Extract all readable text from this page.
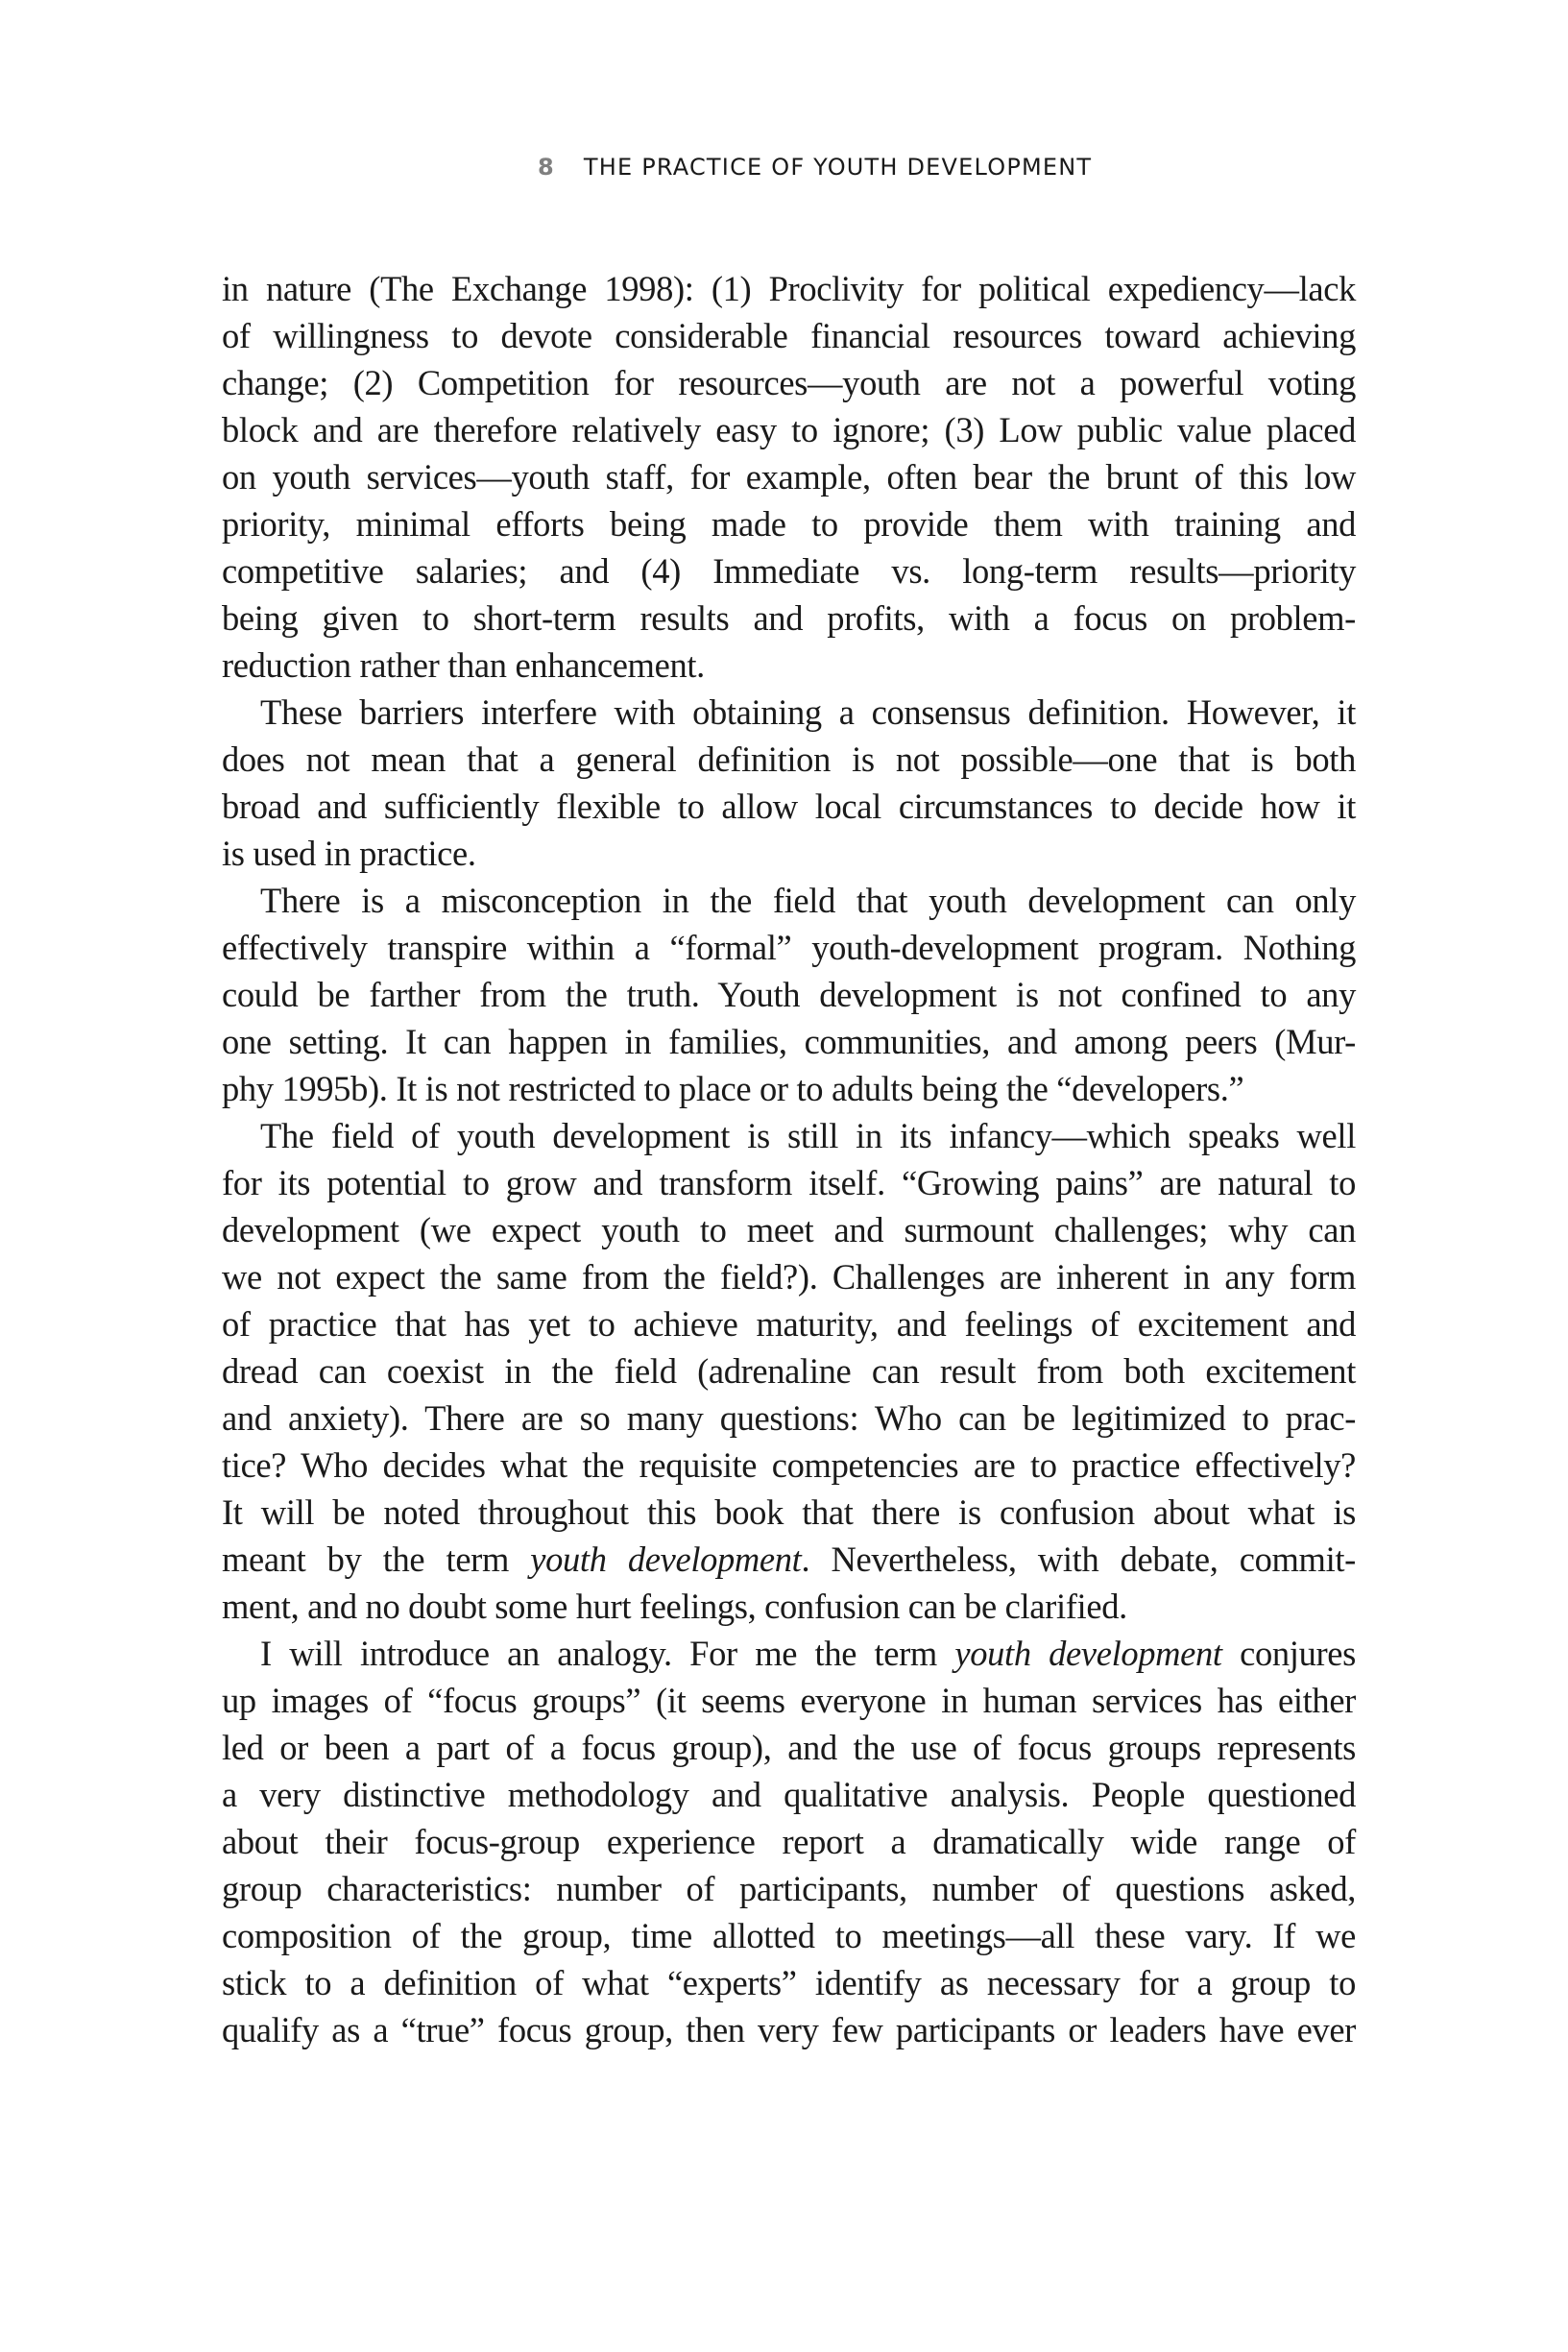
8 THE PRACTICE OF YOUTH DEVELOPMENT
in nature (The Exchange 1998): (1) Proclivity for political expediency—lack
of willingness to devote considerable financial resources toward achieving
change; (2) Competition for resources—youth are not a powerful voting
block and are therefore relatively easy to ignore; (3) Low public value placed
on youth services—youth staff, for example, often bear the brunt of this low
priority, minimal efforts being made to provide them with training and
competitive salaries; and (4) Immediate vs. long-term results—priority
being given to short-term results and profits, with a focus on problem-
reduction rather than enhancement.
These barriers interfere with obtaining a consensus definition. However, it
does not mean that a general definition is not possible—one that is both
broad and sufficiently flexible to allow local circumstances to decide how it
is used in practice.
There is a misconception in the field that youth development can only
effectively transpire within a “formal” youth-development program. Nothing
could be farther from the truth. Youth development is not confined to any
one setting. It can happen in families, communities, and among peers (Mur-
phy 1995b). It is not restricted to place or to adults being the “developers.”
The field of youth development is still in its infancy—which speaks well
for its potential to grow and transform itself. “Growing pains” are natural to
development (we expect youth to meet and surmount challenges; why can
we not expect the same from the field?). Challenges are inherent in any form
of practice that has yet to achieve maturity, and feelings of excitement and
dread can coexist in the field (adrenaline can result from both excitement
and anxiety). There are so many questions: Who can be legitimized to prac-
tice? Who decides what the requisite competencies are to practice effectively?
It will be noted throughout this book that there is confusion about what is
meant by the term youth development. Nevertheless, with debate, commit-
ment, and no doubt some hurt feelings, confusion can be clarified.
I will introduce an analogy. For me the term youth development conjures
up images of “focus groups” (it seems everyone in human services has either
led or been a part of a focus group), and the use of focus groups represents
a very distinctive methodology and qualitative analysis. People questioned
about their focus-group experience report a dramatically wide range of
group characteristics: number of participants, number of questions asked,
composition of the group, time allotted to meetings—all these vary. If we
stick to a definition of what “experts” identify as necessary for a group to
qualify as a “true” focus group, then very few participants or leaders have ever
